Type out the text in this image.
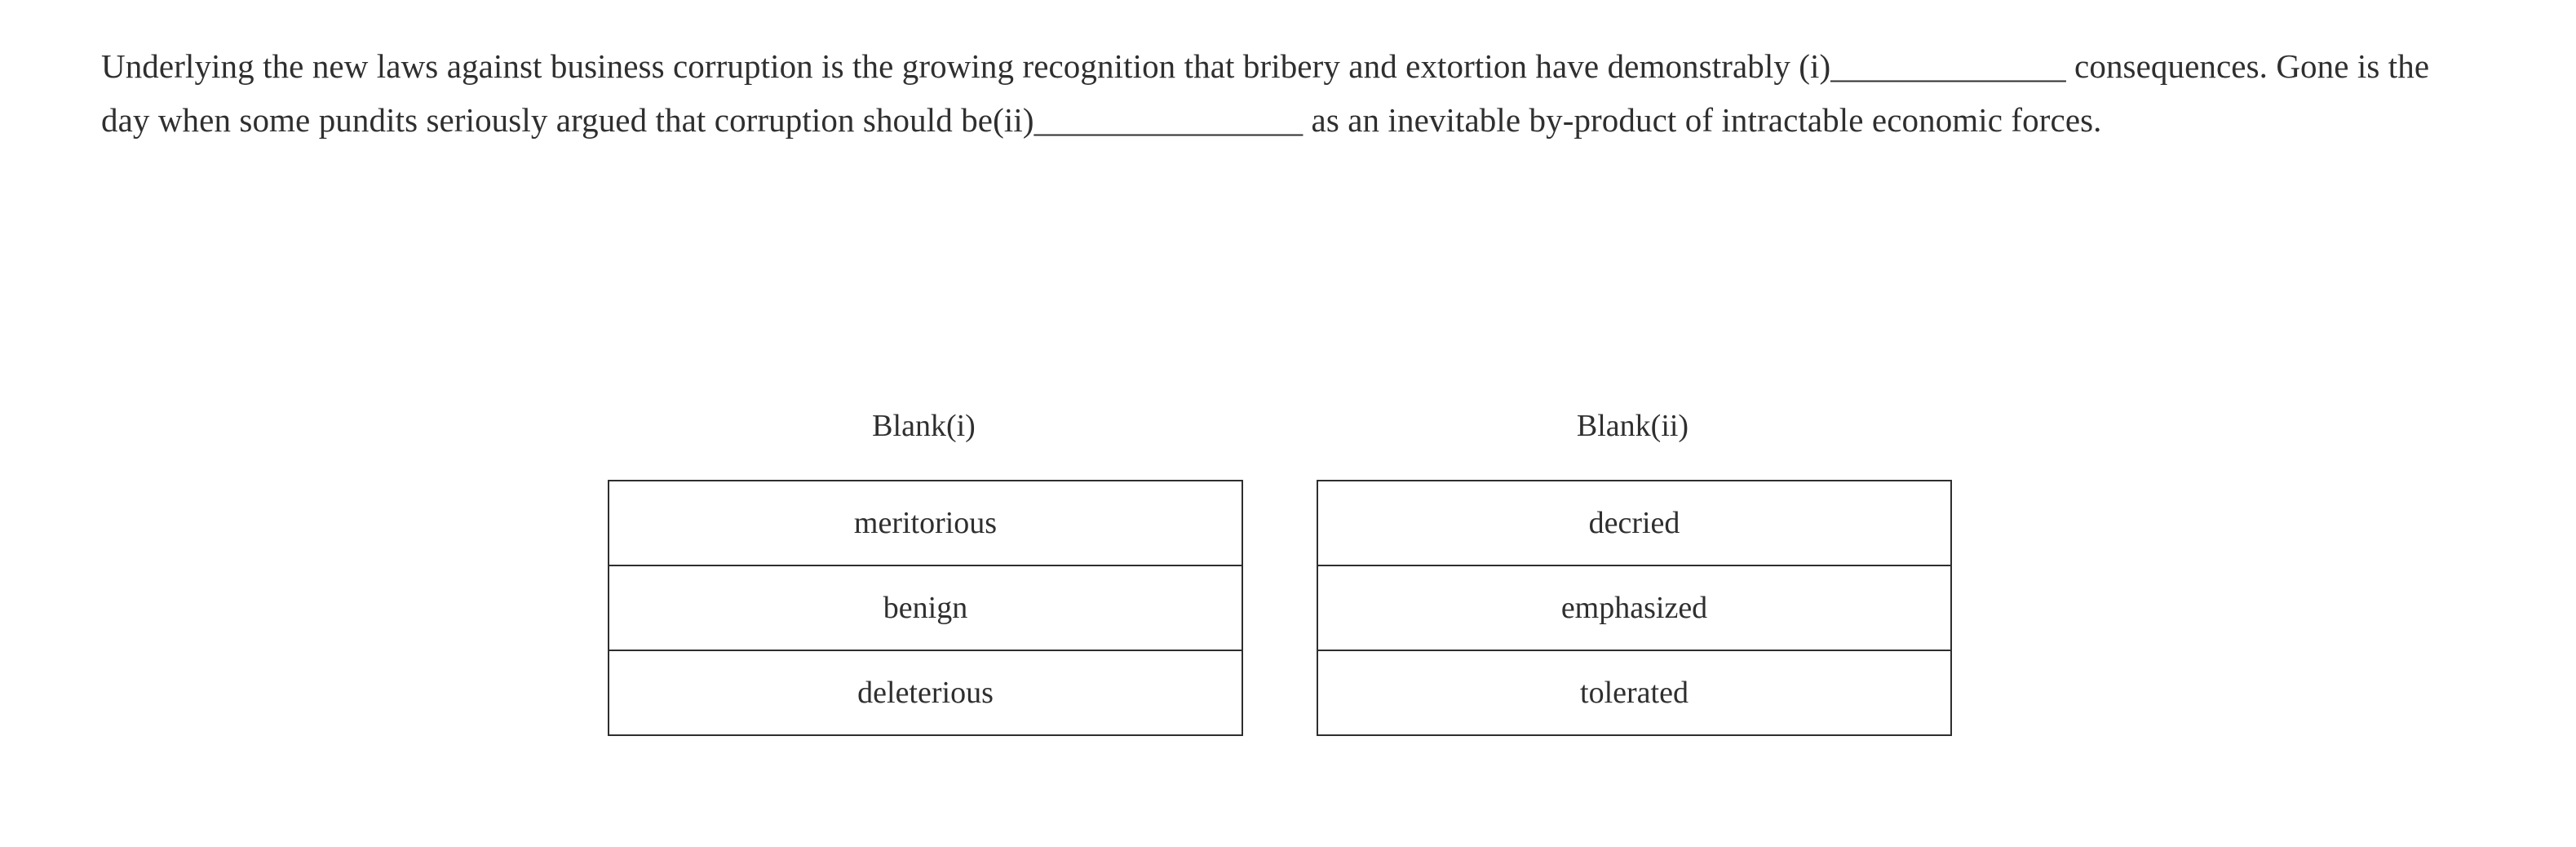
Underlying the new laws against business corruption is the growing recognition that bribery and extortion have demonstrably (i)______________ consequences. Gone is the day when some pundits seriously argued that corruption should be(ii)________________ as an inevitable by-product of intractable economic forces.
Blank(i)
meritorious
benign
deleterious
Blank(ii)
decried
emphasized
tolerated
